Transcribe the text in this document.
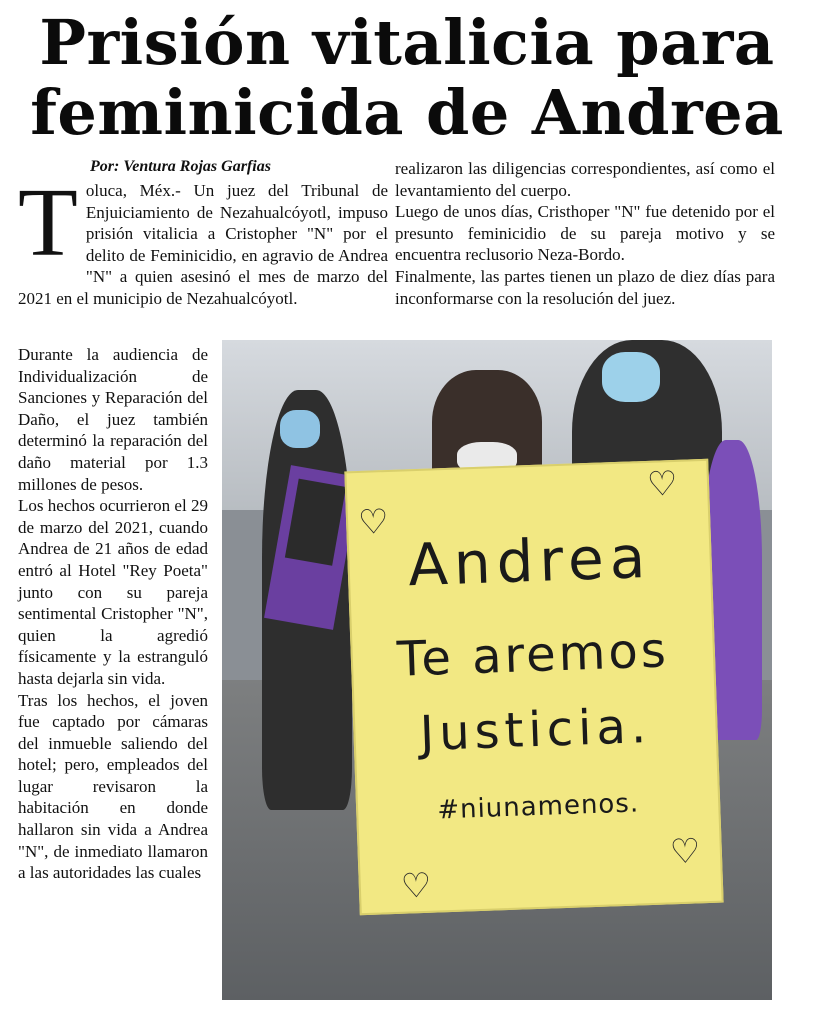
Prisión vitalicia para
feminicida de Andrea
Por: Ventura Rojas Garfias

Toluca, Méx.- Un juez del Tribunal de Enjuiciamiento de Nezahualcóyotl, impuso prisión vitalicia a Cristopher "N" por el delito de Feminicidio, en agravio de Andrea "N" a quien asesinó el mes de marzo del 2021 en el municipio de Nezahualcóyotl.

Durante la audiencia de Individualización de Sanciones y Reparación del Daño, el juez también determinó la reparación del daño material por 1.3 millones de pesos.

Los hechos ocurrieron el 29 de marzo del 2021, cuando Andrea de 21 años de edad entró al Hotel "Rey Poeta" junto con su pareja sentimental Cristopher "N", quien la agredió físicamente y la estranguló hasta dejarla sin vida.

Tras los hechos, el joven fue captado por cámaras del inmueble saliendo del hotel; pero, empleados del lugar revisaron la habitación en donde hallaron sin vida a Andrea "N", de inmediato llamaron a las autoridades las cuales

realizaron las diligencias correspondientes, así como el levantamiento del cuerpo.

Luego de unos días, Cristhoper "N" fue detenido por el presunto feminicidio de su pareja motivo y se encuentra reclusorio Neza-Bordo.

Finalmente, las partes tienen un plazo de diez días para inconformarse con la resolución del juez.

Andrea
Te aremos
Justicia.
#niunamenos.
♡
♡
♡
♡
